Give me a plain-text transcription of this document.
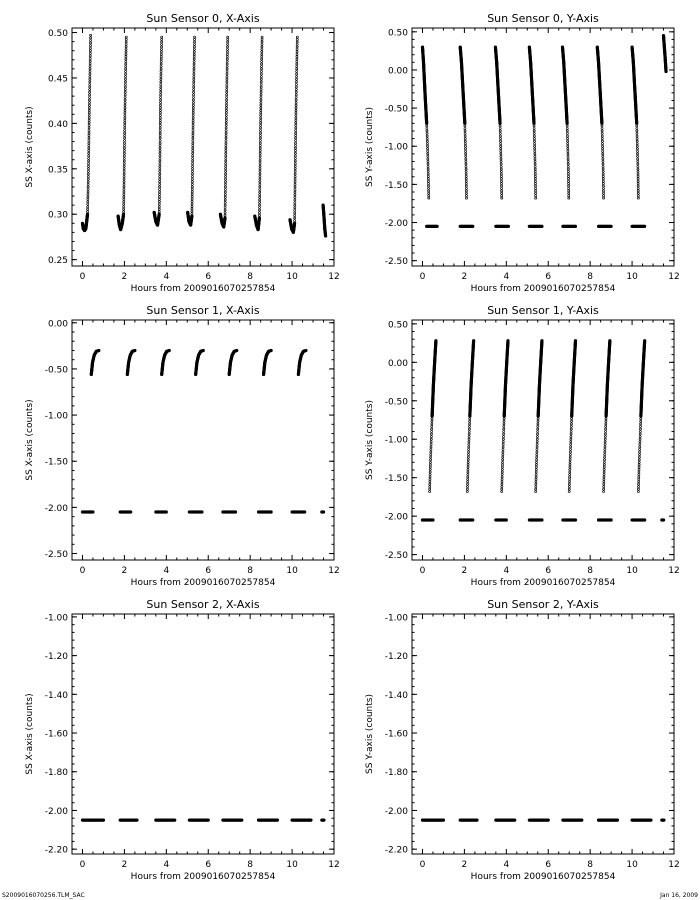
Sun Sensor 0, X-Axis
0	2	4	6	8	10	12
0.25
0.30
0.35
0.40
0.45
0.50
Hours from 2009016070257854
SS X-axis (counts)
Sun Sensor 0, Y-Axis
0	2	4	6	8	10	12
-2.50
-2.00
-1.50
-1.00
-0.50
0.00
0.50
Hours from 2009016070257854
SS Y-axis (counts)
Sun Sensor 1, X-Axis
0	2	4	6	8	10	12
-2.50
-2.00
-1.50
-1.00
-0.50
0.00
Hours from 2009016070257854
SS X-axis (counts)
Sun Sensor 1, Y-Axis
0	2	4	6	8	10	12
-2.50
-2.00
-1.50
-1.00
-0.50
0.00
0.50
Hours from 2009016070257854
SS Y-axis (counts)
Sun Sensor 2, X-Axis
0	2	4	6	8	10	12
-2.20
-2.00
-1.80
-1.60
-1.40
-1.20
-1.00
Hours from 2009016070257854
SS X-axis (counts)
Sun Sensor 2, Y-Axis
0	2	4	6	8	10	12
-2.20
-2.00
-1.80
-1.60
-1.40
-1.20
-1.00
Hours from 2009016070257854
SS Y-axis (counts)
S2009016070256.TLM_SAC	Jan 16, 2009
